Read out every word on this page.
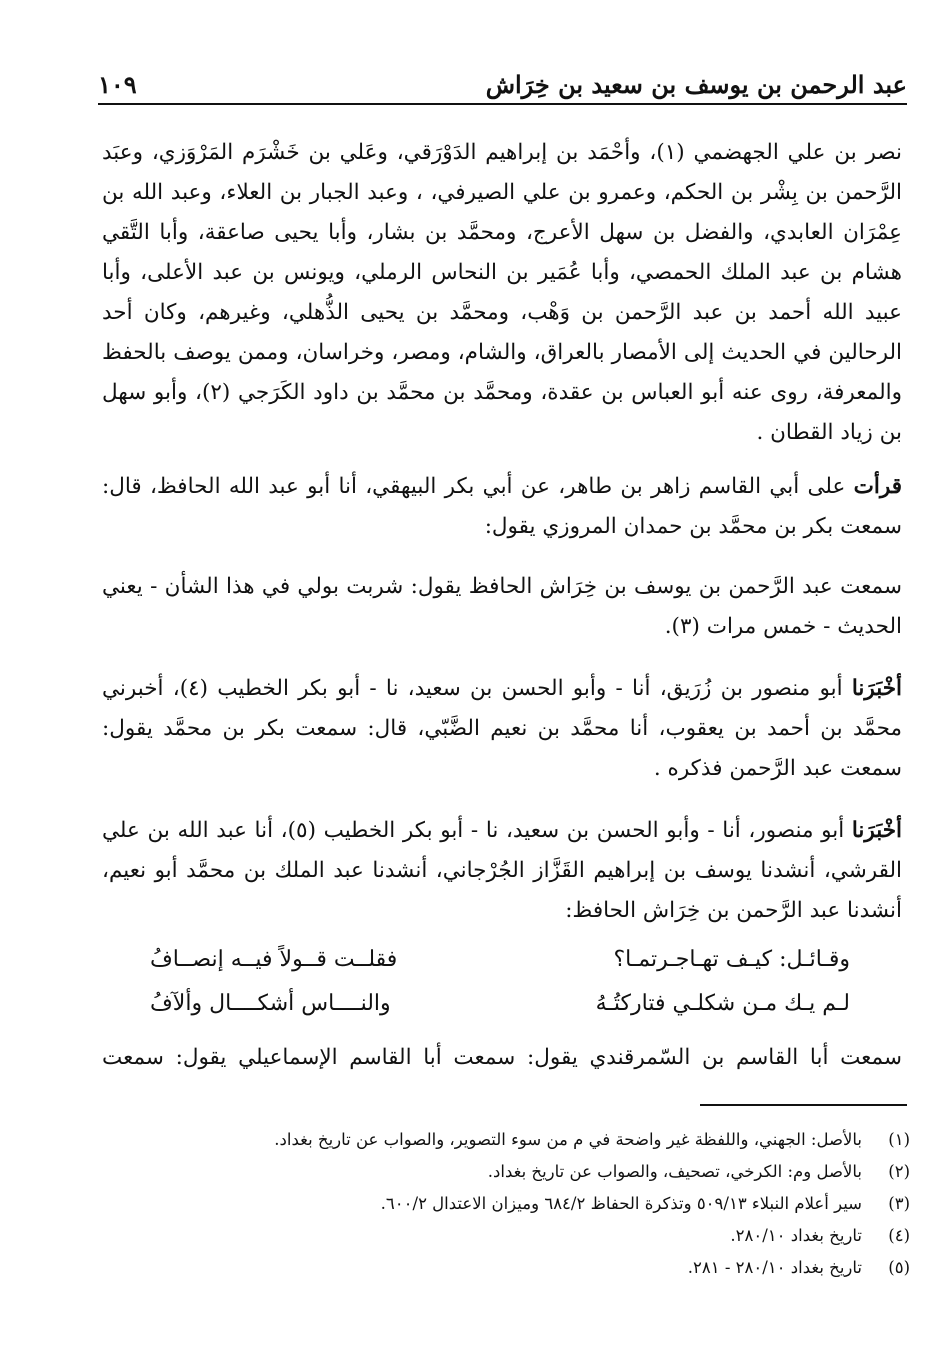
عبد الرحمن بن يوسف بن سعيد بن خِرَاش
١٠٩

نصر بن علي الجهضمي (١)، وأحْمَد بن إبراهيم الدَوْرَقي، وعَلي بن خَشْرَم المَرْوَزي، وعبَد الرَّحمن بن بِشْر بن الحكم، وعمرو بن علي الصيرفي، ، وعبد الجبار بن العلاء، وعبد الله بن عِمْرَان العابدي، والفضل بن سهل الأعرج، ومحمَّد بن بشار، وأبا يحيى صاعقة، وأبا التَّقي هشام بن عبد الملك الحمصي، وأبا عُمَير بن النحاس الرملي، ويونس بن عبد الأعلى، وأبا عبيد الله أحمد بن عبد الرَّحمن بن وَهْب، ومحمَّد بن يحيى الذُّهلي، وغيرهم، وكان أحد الرحالين في الحديث إلى الأمصار بالعراق، والشام، ومصر، وخراسان، وممن يوصف بالحفظ والمعرفة، روى عنه أبو العباس بن عقدة، ومحمَّد بن محمَّد بن داود الكَرَجي (٢)، وأبو سهل بن زياد القطان .

قرأت على أبي القاسم زاهر بن طاهر، عن أبي بكر البيهقي، أنا أبو عبد الله الحافظ، قال: سمعت بكر بن محمَّد بن حمدان المروزي يقول:

سمعت عبد الرَّحمن بن يوسف بن خِرَاش الحافظ يقول: شربت بولي في هذا الشأن - يعني الحديث - خمس مرات (٣).

أخْبَرَنا أبو منصور بن زُرَيق، أنا - وأبو الحسن بن سعيد، نا - أبو بكر الخطيب (٤)، أخبرني محمَّد بن أحمد بن يعقوب، أنا محمَّد بن نعيم الضَّبّي، قال: سمعت بكر بن محمَّد يقول: سمعت عبد الرَّحمن فذكره .

أخْبَرَنا أبو منصور، أنا - وأبو الحسن بن سعيد، نا - أبو بكر الخطيب (٥)، أنا عبد الله بن علي القرشي، أنشدنا يوسف بن إبراهيم القَزَّاز الجُرْجاني، أنشدنا عبد الملك بن محمَّد أبو نعيم، أنشدنا عبد الرَّحمن بن خِرَاش الحافظ:

وقـائـل: كيـف تهـاجـرتمـا؟
فقلــت قــولاً فيــه إنصــافُ
لـم يـك مـن شكلـي فتاركتُـهُ
والنــــاس أشكــــال وألآفُ
سمعت أبا القاسم بن السّمرقندي يقول: سمعت أبا القاسم الإسماعيلي يقول: سمعت
(١)
بالأصل: الجهني، واللفظة غير واضحة في م من سوء التصوير، والصواب عن تاريخ بغداد.
(٢)
بالأصل وم: الكرخي، تصحيف، والصواب عن تاريخ بغداد.
(٣)
سير أعلام النبلاء ٥٠٩/١٣ وتذكرة الحفاظ ٦٨٤/٢ وميزان الاعتدال ٦٠٠/٢.
(٤)
تاريخ بغداد ٢٨٠/١٠.
(٥)
تاريخ بغداد ٢٨٠/١٠ - ٢٨١.
